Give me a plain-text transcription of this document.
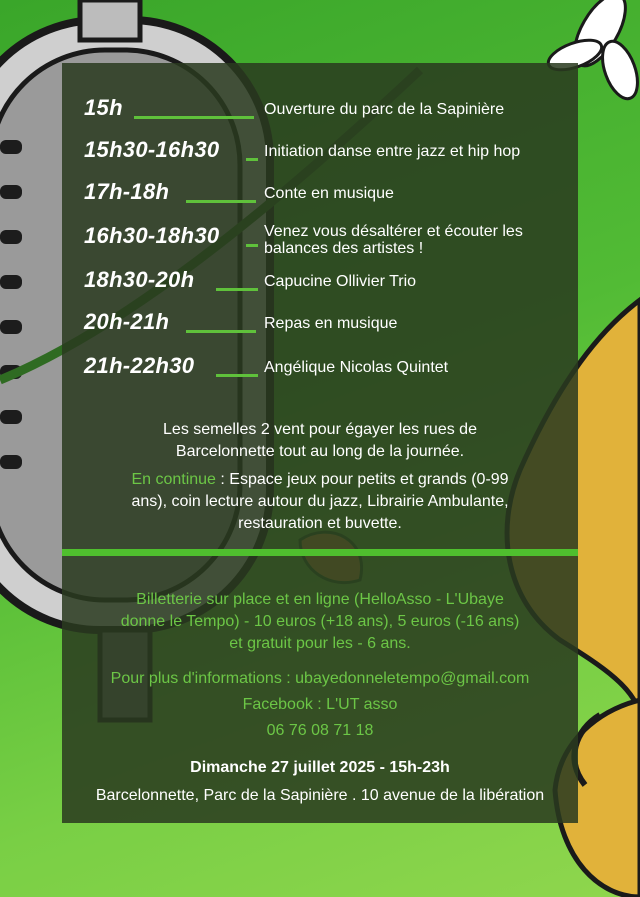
15h	Ouverture du parc de la Sapinière
15h30-16h30	Initiation danse entre jazz et hip hop
17h-18h	Conte en musique
16h30-18h30	Venez vous désaltérer et écouter les balances des artistes !
18h30-20h	Capucine Ollivier Trio
20h-21h	Repas en musique
21h-22h30	Angélique Nicolas Quintet
Les semelles 2 vent pour égayer les rues de
Barcelonnette tout au long de la journée.
En continue : Espace jeux pour petits et grands (0-99
ans), coin lecture autour du jazz, Librairie Ambulante,
restauration et buvette.
Billetterie sur place et en ligne (HelloAsso - L'Ubaye
donne le Tempo) - 10 euros (+18 ans), 5 euros (-16 ans)
et gratuit pour les - 6 ans.
Pour plus d'informations : ubayedonneletempo@gmail.com
Facebook : L'UT asso
06 76 08 71 18
Dimanche 27 juillet 2025 - 15h-23h
Barcelonnette, Parc de la Sapinière . 10 avenue de la libération
